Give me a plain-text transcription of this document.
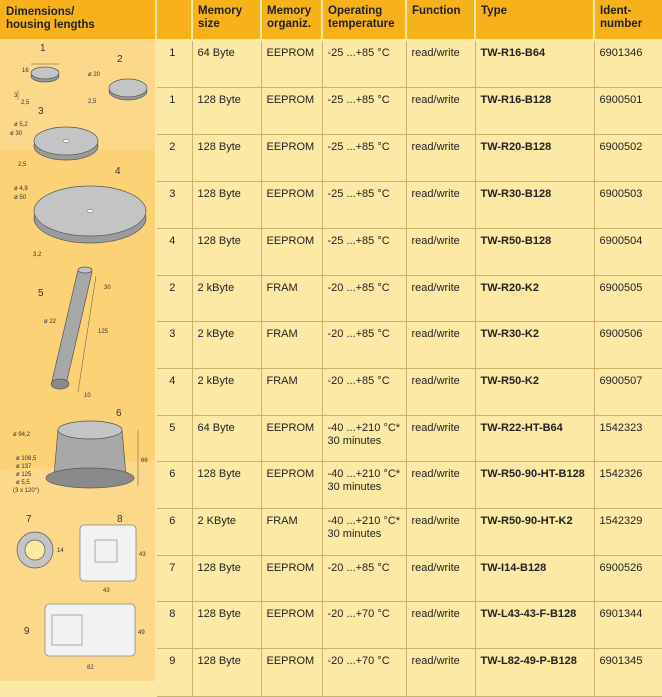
Dimensions/
housing lengths
1
16
3
2,5
2
ø 20
2,5
3
ø 5,2
ø 30
2,5
4
ø 4,9
ø 50
3,2
5	30
ø 22
125
10
6
ø 94,2
ø 108,5
ø 137
ø 125
ø 5,5
(3 x 120°)
66
7
14
8
43
43
9	49
82
	Memory
size	Memory
organiz.	Operating
temperature	Function	Type	Ident-
number
1	64 Byte	EEPROM	-25 ...+85 °C	read/write	TW-R16-B64	6901346
1	128 Byte	EEPROM	-25 ...+85 °C	read/write	TW-R16-B128	6900501
2	128 Byte	EEPROM	-25 ...+85 °C	read/write	TW-R20-B128	6900502
3	128 Byte	EEPROM	-25 ...+85 °C	read/write	TW-R30-B128	6900503
4	128 Byte	EEPROM	-25 ...+85 °C	read/write	TW-R50-B128	6900504
2	2 kByte	FRAM	-20 ...+85 °C	read/write	TW-R20-K2	6900505
3	2 kByte	FRAM	-20 ...+85 °C	read/write	TW-R30-K2	6900506
4	2 kByte	FRAM	-20 ...+85 °C	read/write	TW-R50-K2	6900507
5	64 Byte	EEPROM	-40 ...+210 °C*
30 minutes	read/write	TW-R22-HT-B64	1542323
6	128 Byte	EEPROM	-40 ...+210 °C*
30 minutes	read/write	TW-R50-90-HT-B128	1542326
6	2 KByte	FRAM	-40 ...+210 °C*
30 minutes	read/write	TW-R50-90-HT-K2	1542329
7	128 Byte	EEPROM	-20 ...+85 °C	read/write	TW-I14-B128	6900526
8	128 Byte	EEPROM	-20 ...+70 °C	read/write	TW-L43-43-F-B128	6901344
9	128 Byte	EEPROM	-20 ...+70 °C	read/write	TW-L82-49-P-B128	6901345
